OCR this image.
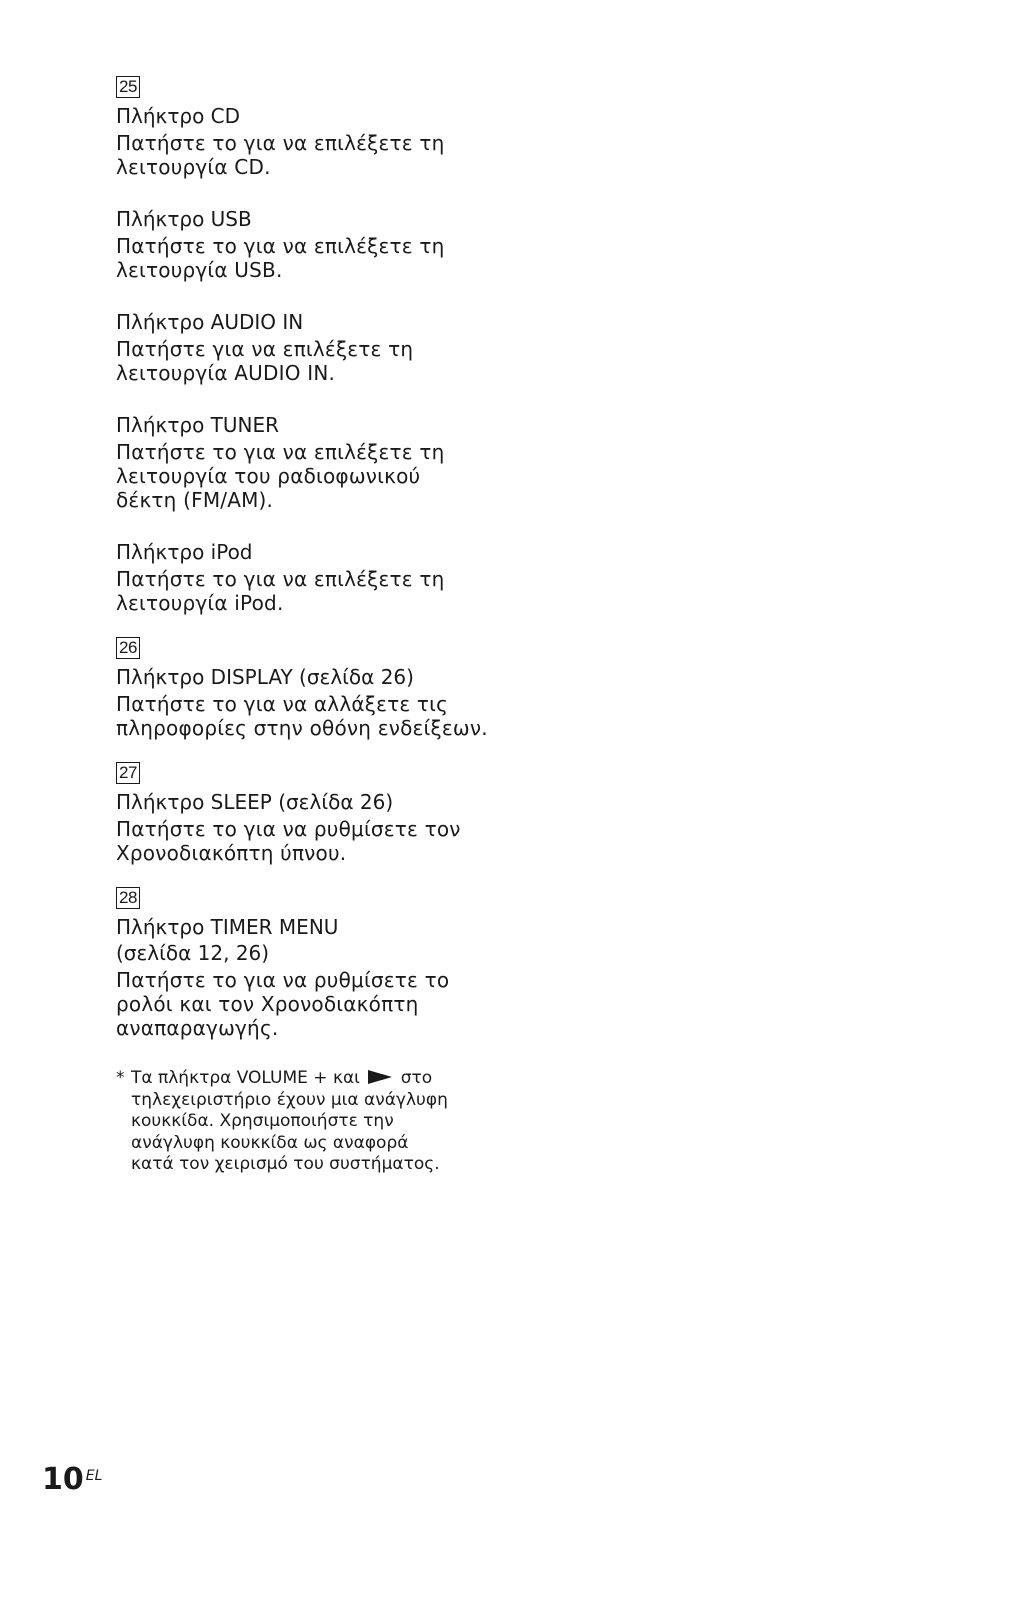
25

Πλήκτρο CD

Πατήστε το για να επιλέξετε τη
λειτουργία CD.

Πλήκτρο USB

Πατήστε το για να επιλέξετε τη
λειτουργία USB.

Πλήκτρο AUDIO IN

Πατήστε για να επιλέξετε τη
λειτουργία AUDIO IN.

Πλήκτρο TUNER

Πατήστε το για να επιλέξετε τη
λειτουργία του ραδιοφωνικού
δέκτη (FM/AM).

Πλήκτρο iPod

Πατήστε το για να επιλέξετε τη
λειτουργία iPod.

26

Πλήκτρο DISPLAY (σελίδα 26)

Πατήστε το για να αλλάξετε τις
πληροφορίες στην οθόνη ενδείξεων.

27

Πλήκτρο SLEEP (σελίδα 26)

Πατήστε το για να ρυθμίσετε τον
Χρονοδιακόπτη ύπνου.

28

Πλήκτρο TIMER MENU
(σελίδα 12, 26)

Πατήστε το για να ρυθμίσετε το
ρολόι και τον Χρονοδιακόπτη
αναπαραγωγής.

* Τα πλήκτρα VOLUME + και στο
τηλεχειριστήριο έχουν μια ανάγλυφη
κουκκίδα. Χρησιμοποιήστε την
ανάγλυφη κουκκίδα ως αναφορά
κατά τον χειρισμό του συστήματος.
10 $^{EL}$
